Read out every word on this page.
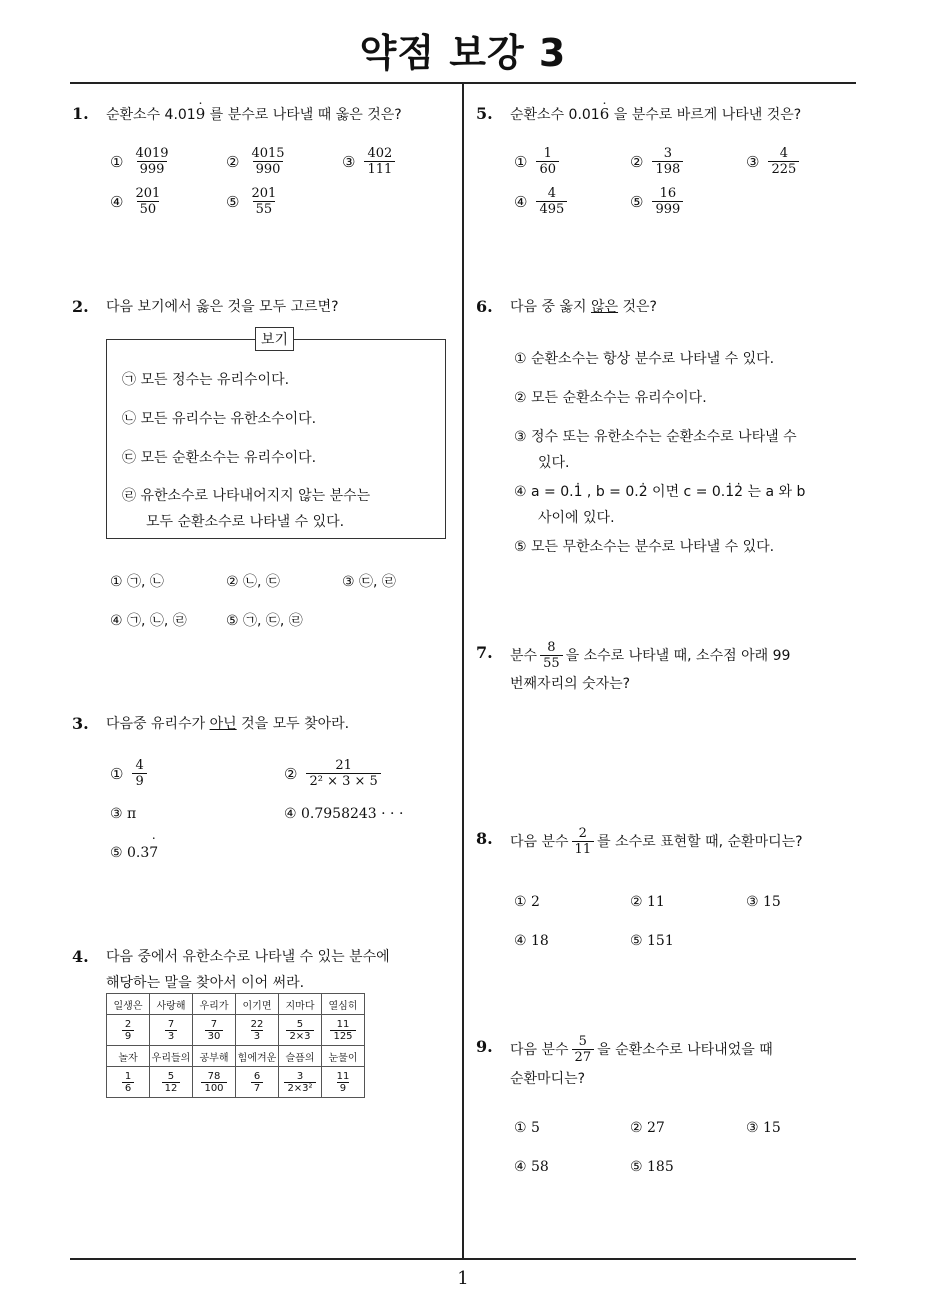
약점 보강 3
1. 순환소수 4.019 ˙ 를 분수로 나타낼 때 옳은 것은?
① $\frac{4019}{999}$	② $\frac{4015}{990}$	③ $\frac{402}{111}$
④ $\frac{201}{50}$	⑤ $\frac{201}{55}$
2. 다음 보기에서 옳은 것을 모두 고르면?
보기
㉠ 모든 정수는 유리수이다.
㉡ 모든 유리수는 유한소수이다.
㉢ 모든 순환소수는 유리수이다.
㉣ 유한소수로 나타내어지지 않는 분수는
모두 순환소수로 나타낼 수 있다.
① ㉠, ㉡	② ㉡, ㉢	③ ㉢, ㉣
④ ㉠, ㉡, ㉣	⑤ ㉠, ㉢, ㉣
3. 다음중 유리수가 아닌 것을 모두 찾아라.
① $\frac{4}{9}$	② $\frac{21}{\text{2² × 3 × 5}}$
③ π	④ 0.7958243 · · ·
⑤ 0.3 7 ˙
4. 다음 중에서 유한소수로 나타낼 수 있는 분수에
해당하는 말을 찾아서 이어 써라.
일생은	사랑해	우리가	이기면	지마다	열심히

$\frac{2}{9}$	$\frac{7}{3}$	$\frac{7}{30}$	$\frac{22}{3}$	$\frac{5}{2\times 3}$	$\frac{11}{125}$

놀자	우리들의	공부해	힘에겨운	슬픔의	눈물이

$\frac{1}{6}$	$\frac{5}{12}$	$\frac{78}{100}$	$\frac{6}{7}$	$\frac{3}{\text{2×3²}}$	$\frac{11}{9}$
5. 순환소수 0.016 ˙ 을 분수로 바르게 나타낸 것은?
① $\frac{1}{60}$	② $\frac{3}{198}$	③ $\frac{4}{225}$
④ $\frac{4}{495}$	⑤ $\frac{16}{999}$
6. 다음 중 옳지 않은 것은?
① 순환소수는 항상 분수로 나타낼 수 있다.
② 모든 순환소수는 유리수이다.
③ 정수 또는 유한소수는 순환소수로 나타낼 수
있다.
④ a = 0.1̇ , b = 0.2̇ 이면 c = 0.1̇2̇ 는 a 와 b
사이에 있다.
⑤ 모든 무한소수는 분수로 나타낼 수 있다.
7. 분수 $\frac{8}{55}$ 을 소수로 나타낼 때, 소수점 아래 99
번째자리의 숫자는?
8. 다음 분수 $\frac{2}{11}$ 를 소수로 표현할 때, 순환마디는?
① 2	② 11	③ 15
④ 18	⑤ 151
9. 다음 분수 $\frac{5}{27}$ 을 순환소수로 나타내었을 때
순환마디는?
① 5	② 27	③ 15
④ 58	⑤ 185
1
